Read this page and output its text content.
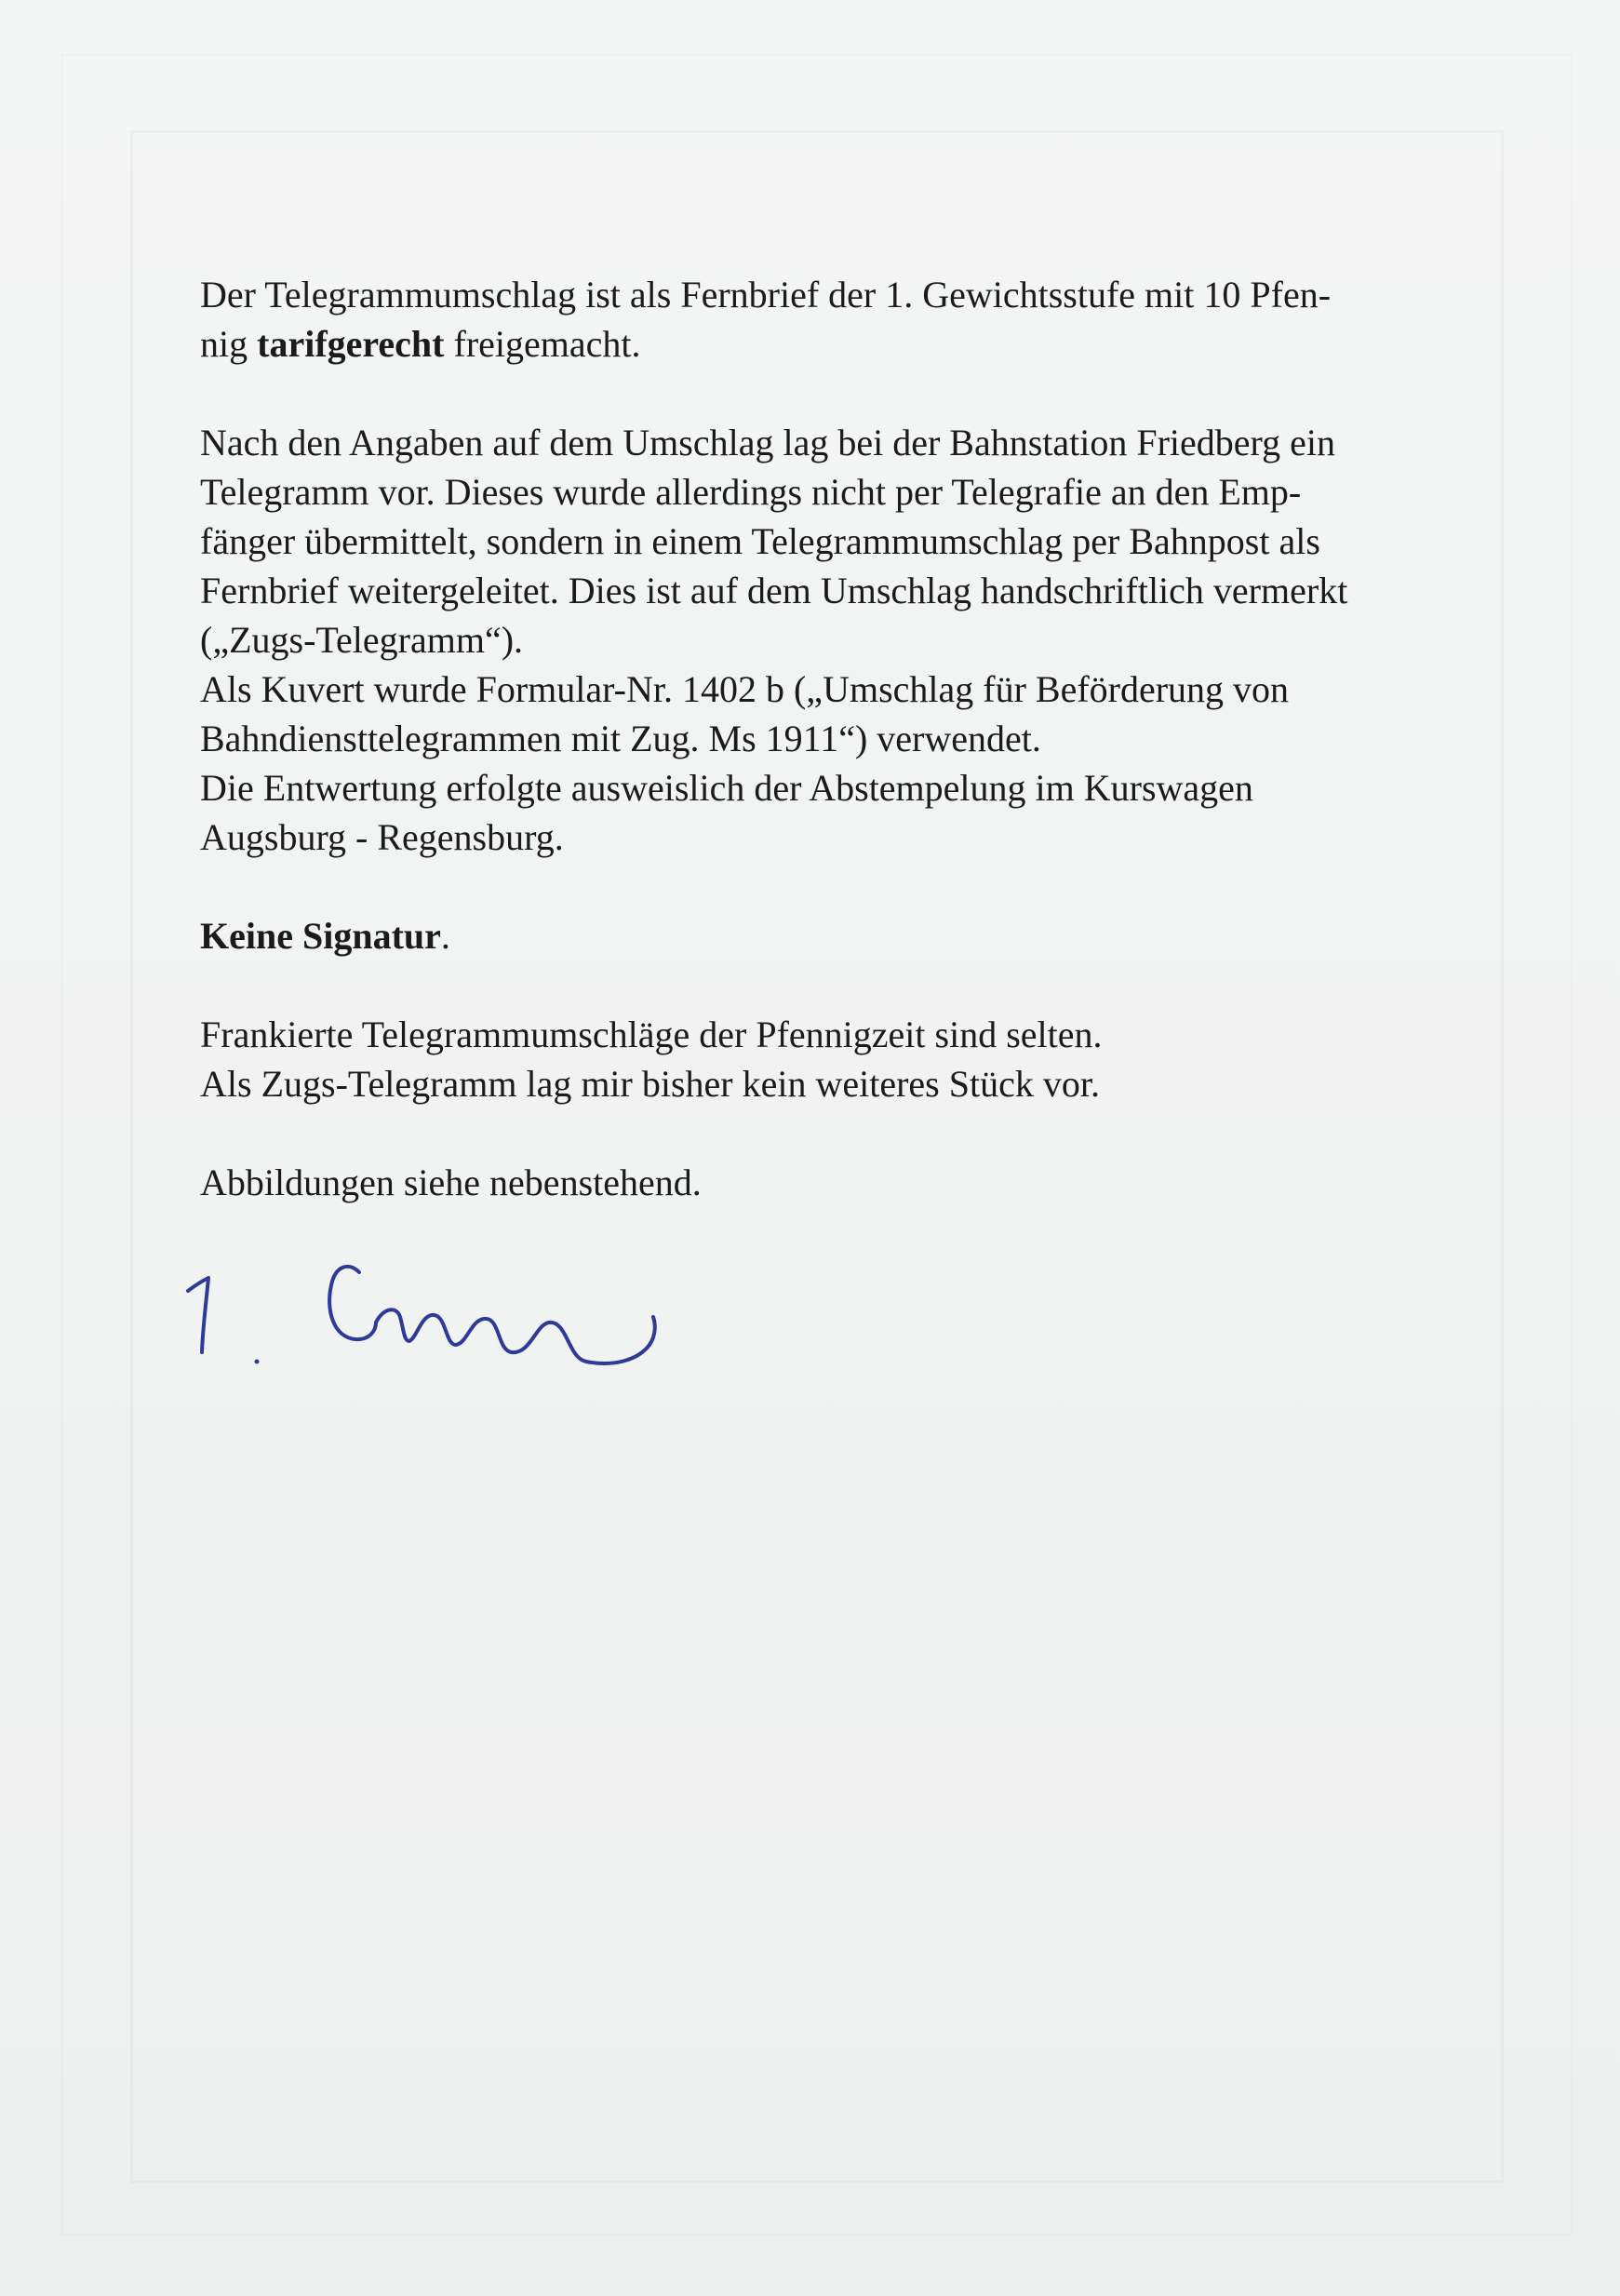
Der Telegrammumschlag ist als Fernbrief der 1. Gewichtsstufe mit 10 Pfen-
nig tarifgerecht freigemacht.

Nach den Angaben auf dem Umschlag lag bei der Bahnstation Friedberg ein
Telegramm vor. Dieses wurde allerdings nicht per Telegrafie an den Emp-
fänger übermittelt, sondern in einem Telegrammumschlag per Bahnpost als
Fernbrief weitergeleitet. Dies ist auf dem Umschlag handschriftlich vermerkt
(„Zugs-Telegramm“).
Als Kuvert wurde Formular-Nr. 1402 b („Umschlag für Beförderung von
Bahndiensttelegrammen mit Zug. Ms 1911“) verwendet.
Die Entwertung erfolgte ausweislich der Abstempelung im Kurswagen
Augsburg - Regensburg.

Keine Signatur.

Frankierte Telegrammumschläge der Pfennigzeit sind selten.
Als Zugs-Telegramm lag mir bisher kein weiteres Stück vor.

Abbildungen siehe nebenstehend.
